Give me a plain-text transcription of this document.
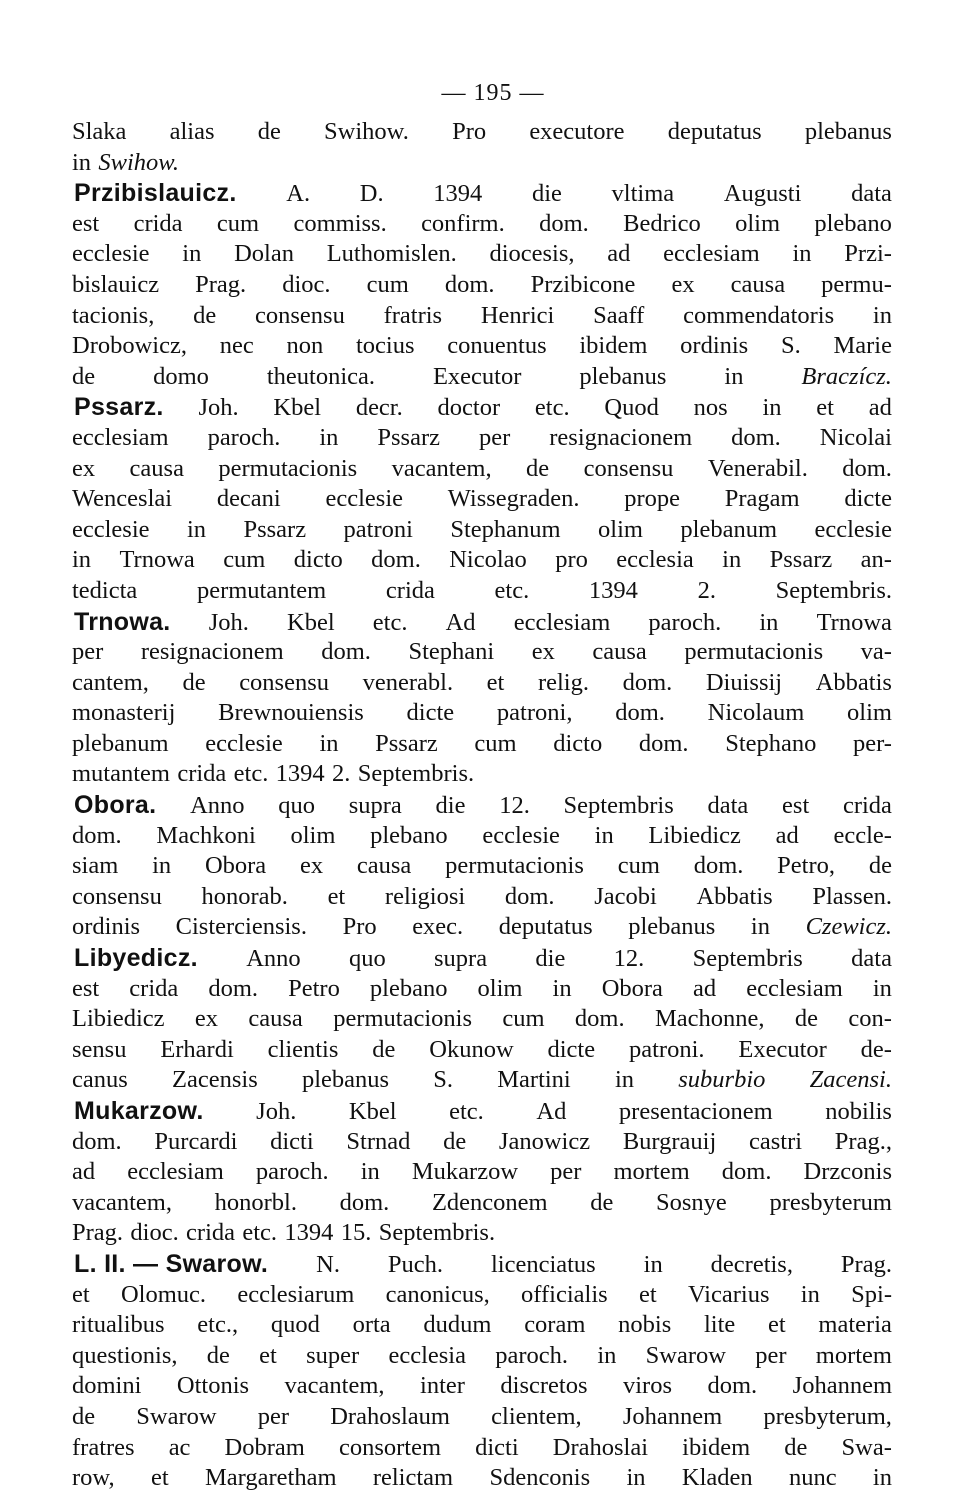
— 195 —
Slaka alias de Swihow. Pro executore deputatus plebanus
in Swihow.
Przibislauicz. A. D. 1394 die vltima Augusti data
est crida cum commiss. confirm. dom. Bedrico olim plebano
ecclesie in Dolan Luthomislen. diocesis, ad ecclesiam in Przi-
bislauicz Prag. dioc. cum dom. Przibicone ex causa permu-
tacionis, de consensu fratris Henrici Saaff commendatoris in
Drobowicz, nec non tocius conuentus ibidem ordinis S. Marie
de domo theutonica. Executor plebanus in Braczícz.
Pssarz. Joh. Kbel decr. doctor etc. Quod nos in et ad
ecclesiam paroch. in Pssarz per resignacionem dom. Nicolai
ex causa permutacionis vacantem, de consensu Venerabil. dom.
Wenceslai decani ecclesie Wissegraden. prope Pragam dicte
ecclesie in Pssarz patroni Stephanum olim plebanum ecclesie
in Trnowa cum dicto dom. Nicolao pro ecclesia in Pssarz an-
tedicta permutantem crida etc. 1394 2. Septembris.
Trnowa. Joh. Kbel etc. Ad ecclesiam paroch. in Trnowa
per resignacionem dom. Stephani ex causa permutacionis va-
cantem, de consensu venerabl. et relig. dom. Diuissij Abbatis
monasterij Brewnouiensis dicte patroni, dom. Nicolaum olim
plebanum ecclesie in Pssarz cum dicto dom. Stephano per-
mutantem crida etc. 1394 2. Septembris.
Obora. Anno quo supra die 12. Septembris data est crida
dom. Machkoni olim plebano ecclesie in Libiedicz ad eccle-
siam in Obora ex causa permutacionis cum dom. Petro, de
consensu honorab. et religiosi dom. Jacobi Abbatis Plassen.
ordinis Cisterciensis. Pro exec. deputatus plebanus in Czewicz.
Libyedicz. Anno quo supra die 12. Septembris data
est crida dom. Petro plebano olim in Obora ad ecclesiam in
Libiedicz ex causa permutacionis cum dom. Machonne, de con-
sensu Erhardi clientis de Okunow dicte patroni. Executor de-
canus Zacensis plebanus S. Martini in suburbio Zacensi.
Mukarzow. Joh. Kbel etc. Ad presentacionem nobilis
dom. Purcardi dicti Strnad de Janowicz Burgrauij castri Prag.,
ad ecclesiam paroch. in Mukarzow per mortem dom. Drzconis
vacantem, honorbl. dom. Zdenconem de Sosnye presbyterum
Prag. dioc. crida etc. 1394 15. Septembris.
L. II. — Swarow. N. Puch. licenciatus in decretis, Prag.
et Olomuc. ecclesiarum canonicus, officialis et Vicarius in Spi-
ritualibus etc., quod orta dudum coram nobis lite et materia
questionis, de et super ecclesia paroch. in Swarow per mortem
domini Ottonis vacantem, inter discretos viros dom. Johannem
de Swarow per Drahoslaum clientem, Johannem presbyterum,
fratres ac Dobram consortem dicti Drahoslai ibidem de Swa-
row, et Margaretham relictam Sdenconis in Kladen nunc in
